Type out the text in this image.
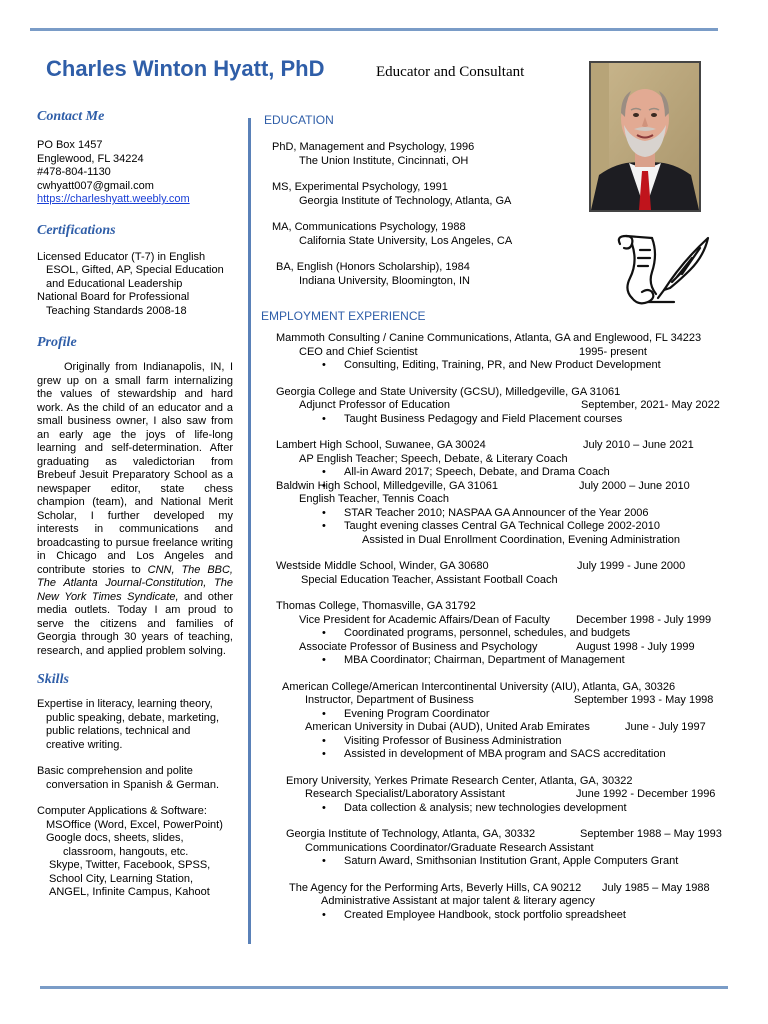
Charles Winton Hyatt, PhD	Educator and Consultant
Contact Me
PO Box 1457
Englewood, FL 34224
#478-804-1130
cwhyatt007@gmail.com
https://charleshyatt.weebly.com
Certifications
Licensed Educator (T-7) in English
ESOL, Gifted, AP, Special Education
and Educational Leadership
National Board for Professional
Teaching Standards 2008-18
Profile
Originally from Indianapolis, IN, I grew up on a small farm internalizing the values of stewardship and hard work. As the child of an educator and a small business owner, I also saw from an early age the joys of life-long learning and self-determination. After graduating as valedictorian from Brebeuf Jesuit Preparatory School as a newspaper editor, state chess champion (team), and National Merit Scholar, I further developed my interests in communications and broadcasting to pursue freelance writing in Chicago and Los Angeles and contribute stories to CNN, The BBC, The Atlanta Journal-Constitution, The New York Times Syndicate, and other media outlets. Today I am proud to serve the citizens and families of Georgia through 30 years of teaching, research, and applied problem solving.
Skills
Expertise in literacy, learning theory,
public speaking, debate, marketing,
public relations, technical and
creative writing.
Basic comprehension and polite
conversation in Spanish & German.
Computer Applications & Software:
MSOffice (Word, Excel, PowerPoint)
Google docs, sheets, slides,
classroom, hangouts, etc.
Skype, Twitter, Facebook, SPSS,
School City, Learning Station,
ANGEL, Infinite Campus, Kahoot
EDUCATION
PhD, Management and Psychology, 1996
The Union Institute, Cincinnati, OH
MS, Experimental Psychology, 1991
Georgia Institute of Technology, Atlanta, GA
MA, Communications Psychology, 1988
California State University, Los Angeles, CA
BA, English (Honors Scholarship), 1984
Indiana University, Bloomington, IN
EMPLOYMENT EXPERIENCE
Mammoth Consulting / Canine Communications, Atlanta, GA and Englewood, FL 34223
CEO and Chief Scientist	1995- present
• Consulting, Editing, Training, PR, and New Product Development
Georgia College and State University (GCSU), Milledgeville, GA 31061
Adjunct Professor of Education	September, 2021- May 2022
• Taught Business Pedagogy and Field Placement courses
Lambert High School, Suwanee, GA 30024	July 2010 – June 2021
AP English Teacher; Speech, Debate, & Literary Coach
• All-in Award 2017; Speech, Debate, and Drama Coach
Baldwin High School, Milledgeville, GA 31061	July 2000 – June 2010
English Teacher, Tennis Coach
• STAR Teacher 2010; NASPAA GA Announcer of the Year 2006
• Taught evening classes Central GA Technical College 2002-2010
Assisted in Dual Enrollment Coordination, Evening Administration
Westside Middle School, Winder, GA 30680	July 1999 - June 2000
Special Education Teacher, Assistant Football Coach
Thomas College, Thomasville, GA 31792
Vice President for Academic Affairs/Dean of Faculty December 1998 - July 1999
• Coordinated programs, personnel, schedules, and budgets
Associate Professor of Business and Psychology	August 1998 - July 1999
• MBA Coordinator; Chairman, Department of Management
American College/American Intercontinental University (AIU), Atlanta, GA, 30326
Instructor, Department of Business	September 1993 - May 1998
• Evening Program Coordinator
American University in Dubai (AUD), United Arab Emirates	June - July 1997
• Visiting Professor of Business Administration
• Assisted in development of MBA program and SACS accreditation
Emory University, Yerkes Primate Research Center, Atlanta, GA, 30322
Research Specialist/Laboratory Assistant	June 1992 - December 1996
• Data collection & analysis; new technologies development
Georgia Institute of Technology, Atlanta, GA, 30332	September 1988 – May 1993
Communications Coordinator/Graduate Research Assistant
• Saturn Award, Smithsonian Institution Grant, Apple Computers Grant
The Agency for the Performing Arts, Beverly Hills, CA 90212 July 1985 – May 1988
Administrative Assistant at major talent & literary agency
• Created Employee Handbook, stock portfolio spreadsheet
